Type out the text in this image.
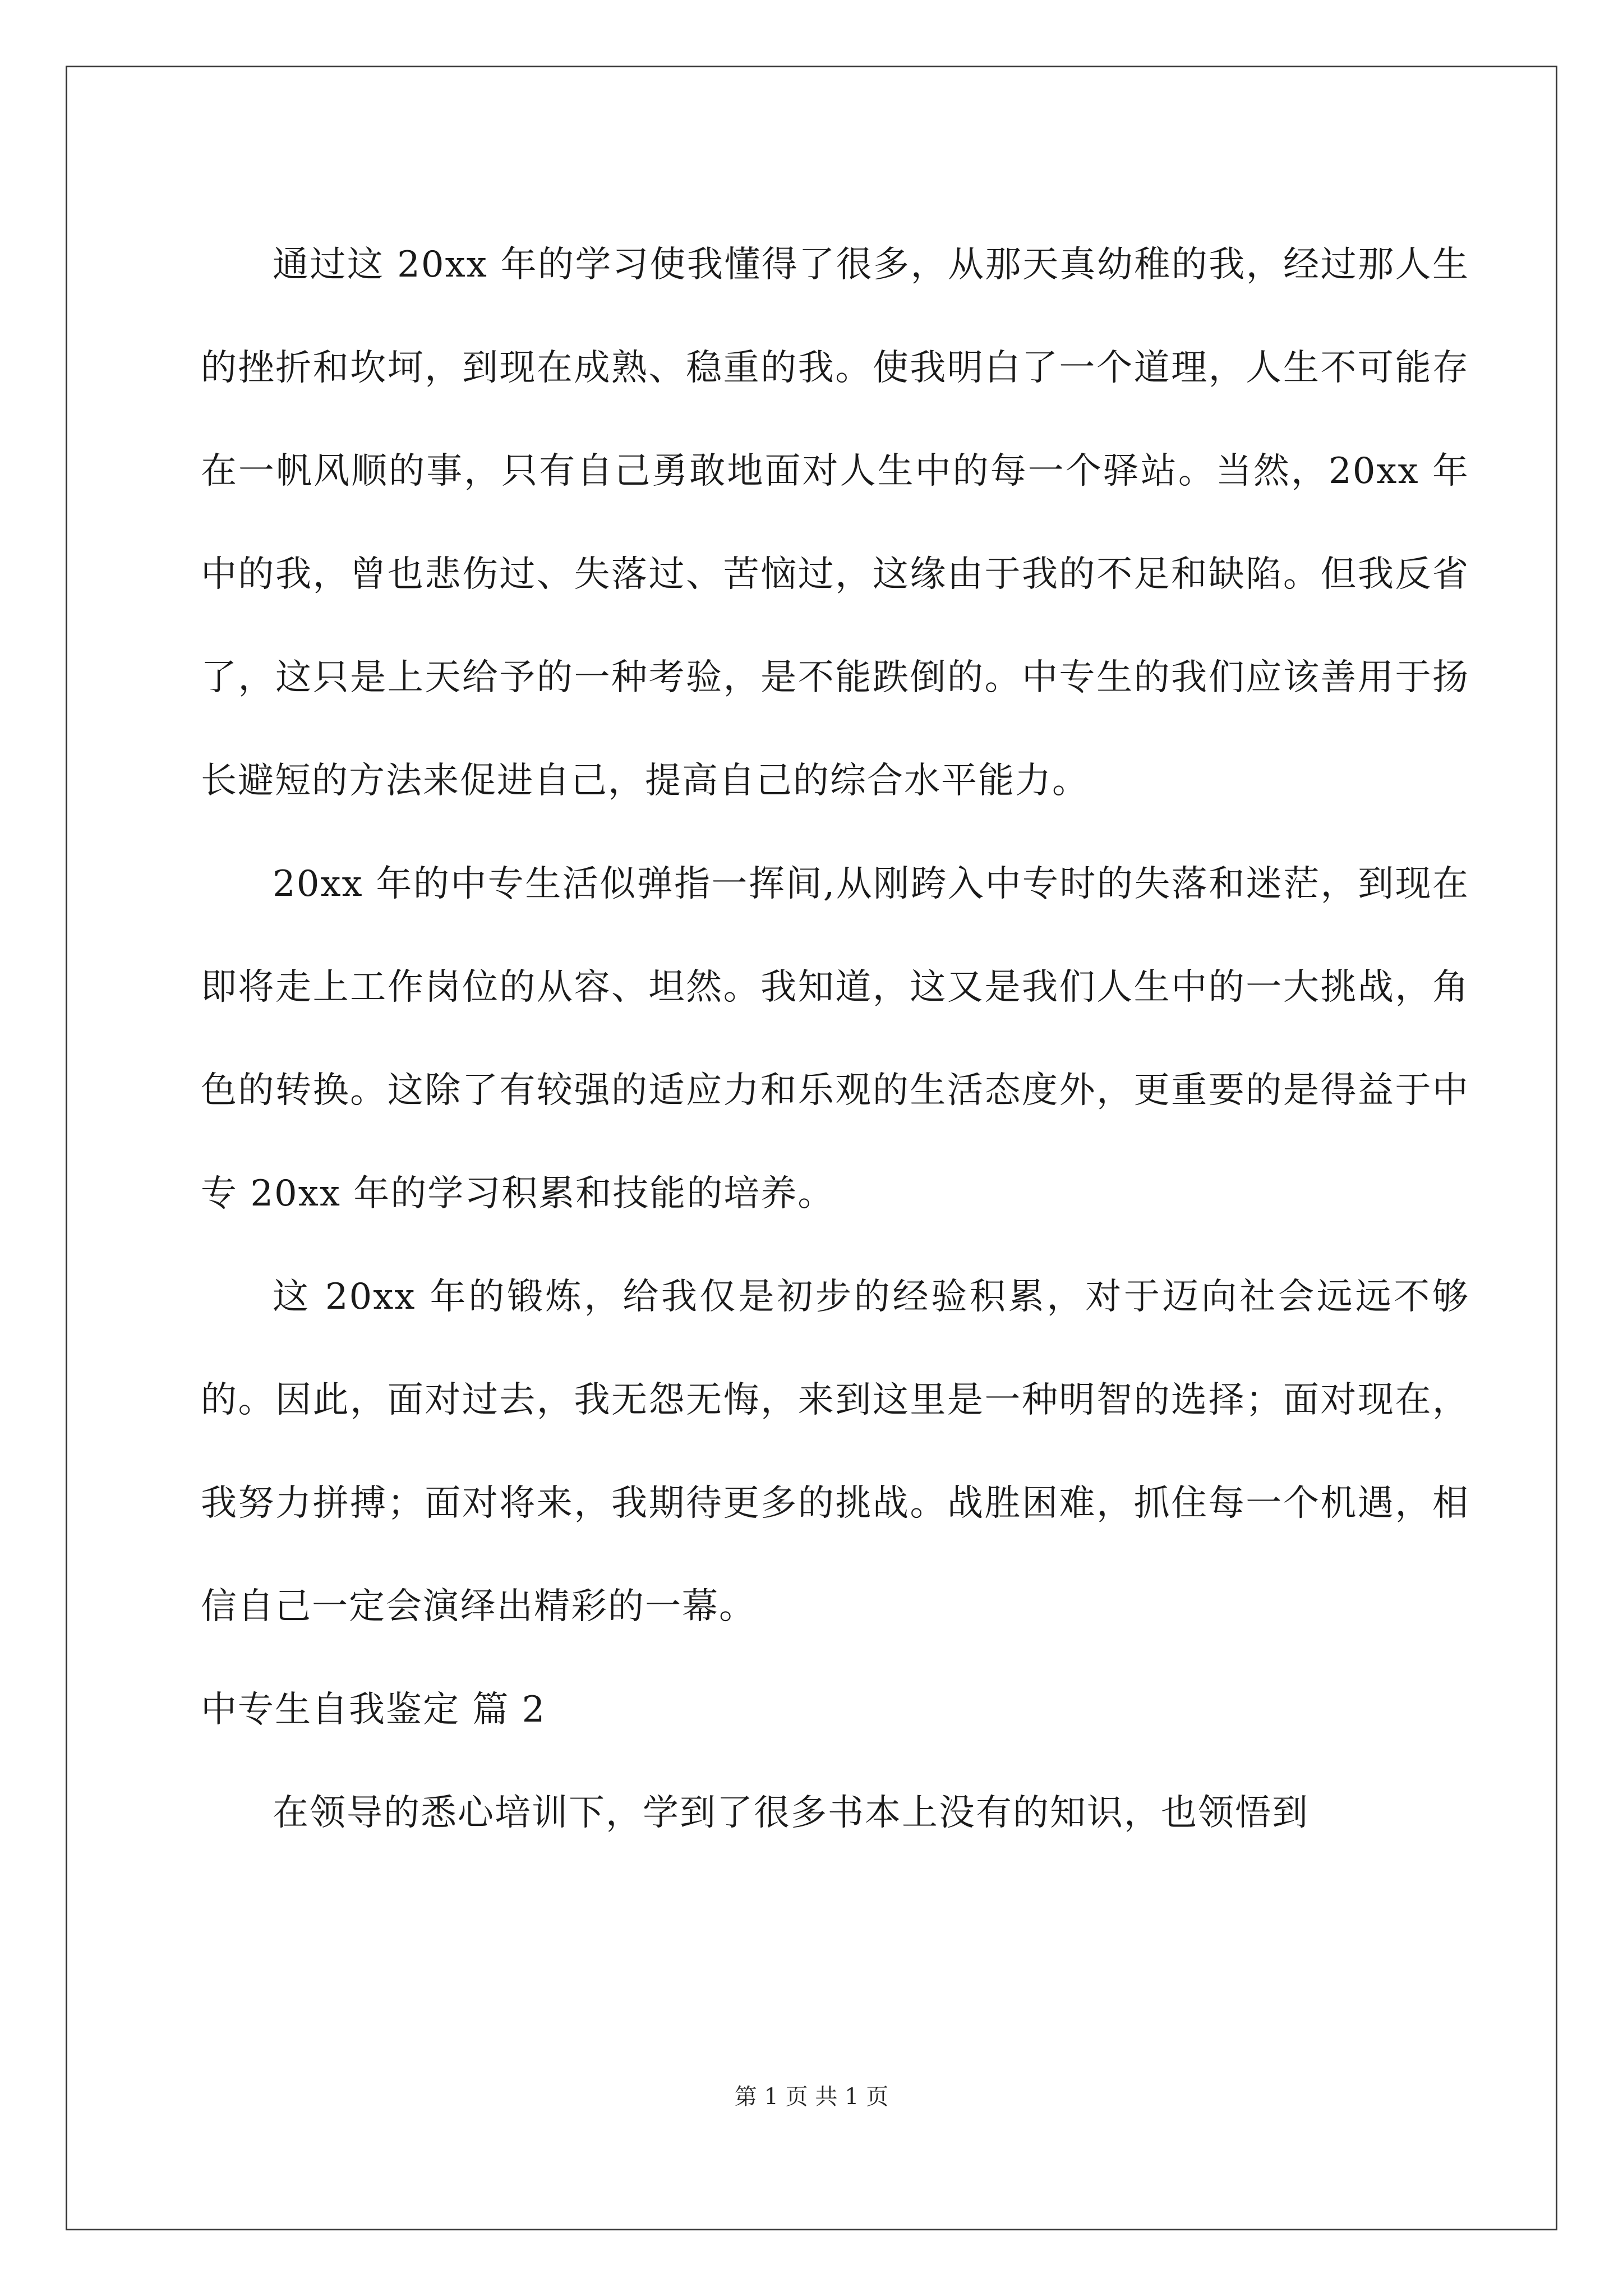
通过这 20xx 年的学习使我懂得了很多，从那天真幼稚的我，经过那人生的挫折和坎坷，到现在成熟、稳重的我。使我明白了一个道理，人生不可能存在一帆风顺的事，只有自己勇敢地面对人生中的每一个驿站。当然，20xx 年中的我，曾也悲伤过、失落过、苦恼过，这缘由于我的不足和缺陷。但我反省了，这只是上天给予的一种考验，是不能跌倒的。中专生的我们应该善用于扬长避短的方法来促进自己，提高自己的综合水平能力。

20xx 年的中专生活似弹指一挥间,从刚跨入中专时的失落和迷茫，到现在即将走上工作岗位的从容、坦然。我知道，这又是我们人生中的一大挑战，角色的转换。这除了有较强的适应力和乐观的生活态度外，更重要的是得益于中专 20xx 年的学习积累和技能的培养。

这 20xx 年的锻炼，给我仅是初步的经验积累，对于迈向社会远远不够的。因此，面对过去，我无怨无悔，来到这里是一种明智的选择；面对现在，我努力拼搏；面对将来，我期待更多的挑战。战胜困难，抓住每一个机遇，相信自己一定会演绎出精彩的一幕。

中专生自我鉴定 篇 2

在领导的悉心培训下，学到了很多书本上没有的知识，也领悟到

第 1 页 共 1 页
